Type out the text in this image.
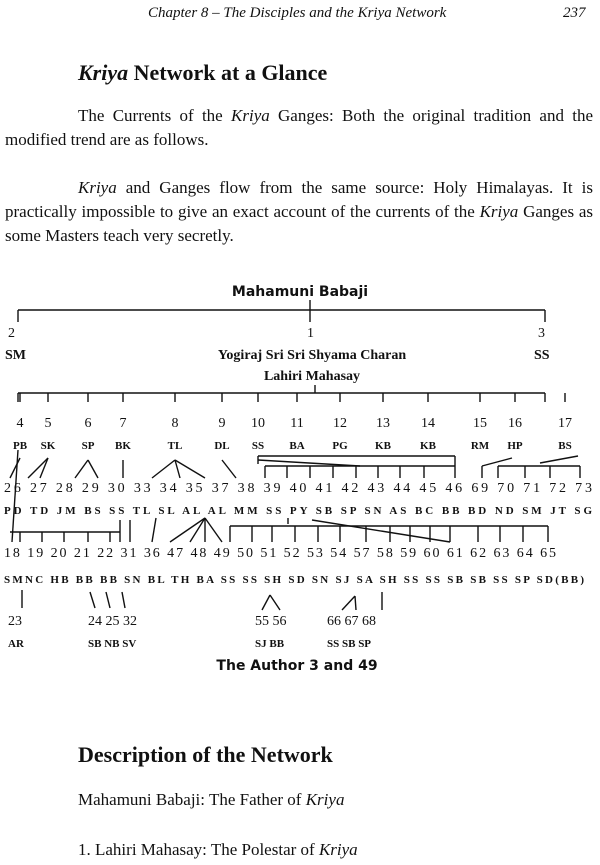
Chapter 8 – The Disciples and the Kriya Network	237
Kriya Network at a Glance
The Currents of the Kriya Ganges: Both the original tradition and the modified trend are as follows.
Kriya and Ganges flow from the same source: Holy Himalayas. It is practically impossible to give an exact account of the currents of the Kriya Ganges as some Masters teach very secretly.
Mahamuni Babaji
2	1	3
SM	Yogiraj Sri Sri Shyama Charan	SS
Lahiri Mahasay
4
PB
5
SK
6
SP
7
BK
8
TL
9
DL
10
SS
11
BA
12
PG
13
KB
14
KB
15
RM
16
HP
17
BS
26 27 28 29 30 33 34 35 37 38 39 40 41 42 43 44 45 46 69 70 71 72 73
PD TD JM BS SS TL SL AL AL MM SS PY SB SP SN AS BC BB BD ND SM JT SG
18 19 20 21 22 31 36 47 48 49 50 51 52 53 54 57 58 59 60 61 62 63 64 65
SMNC HB BB BB SN BL TH BA SS SS SH SD SN SJ SA SH SS SS SB SB SS SP SD(BB)
23
AR
24 25 32
SB NB SV
55 56
SJ BB
66 67 68
SS SB SP
The Author 3 and 49
Description of the Network
Mahamuni Babaji: The Father of Kriya
1. Lahiri Mahasay: The Polestar of Kriya
